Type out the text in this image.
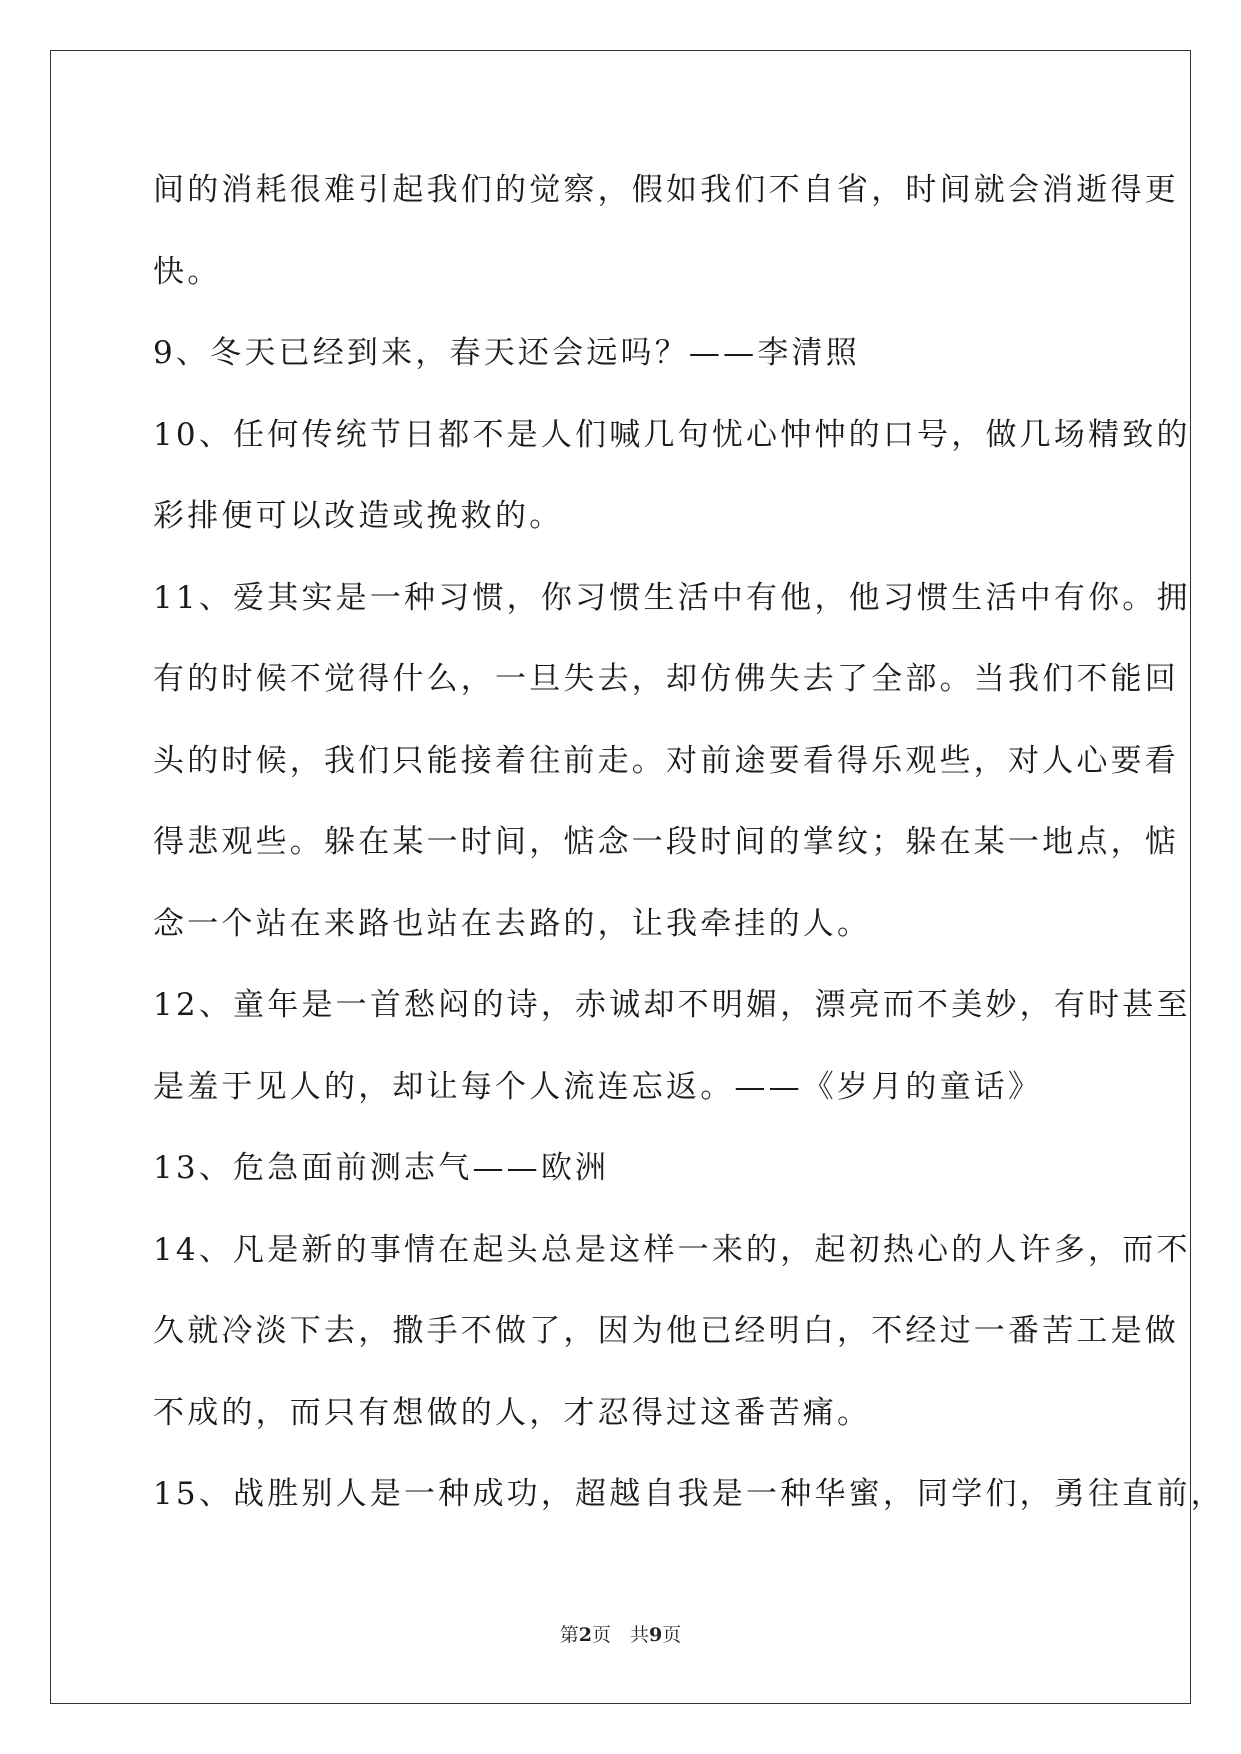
间的消耗很难引起我们的觉察，假如我们不自省，时间就会消逝得更
快。
9、冬天已经到来，春天还会远吗？——李清照
10、任何传统节日都不是人们喊几句忧心忡忡的口号，做几场精致的
彩排便可以改造或挽救的。
11、爱其实是一种习惯，你习惯生活中有他，他习惯生活中有你。拥
有的时候不觉得什么，一旦失去，却仿佛失去了全部。当我们不能回
头的时候，我们只能接着往前走。对前途要看得乐观些，对人心要看
得悲观些。躲在某一时间，惦念一段时间的掌纹；躲在某一地点，惦
念一个站在来路也站在去路的，让我牵挂的人。
12、童年是一首愁闷的诗，赤诚却不明媚，漂亮而不美妙，有时甚至
是羞于见人的，却让每个人流连忘返。——《岁月的童话》
13、危急面前测志气——欧洲
14、凡是新的事情在起头总是这样一来的，起初热心的人许多，而不
久就冷淡下去，撒手不做了，因为他已经明白，不经过一番苦工是做
不成的，而只有想做的人，才忍得过这番苦痛。
15、战胜别人是一种成功，超越自我是一种华蜜，同学们，勇往直前，
第2页　共9页
